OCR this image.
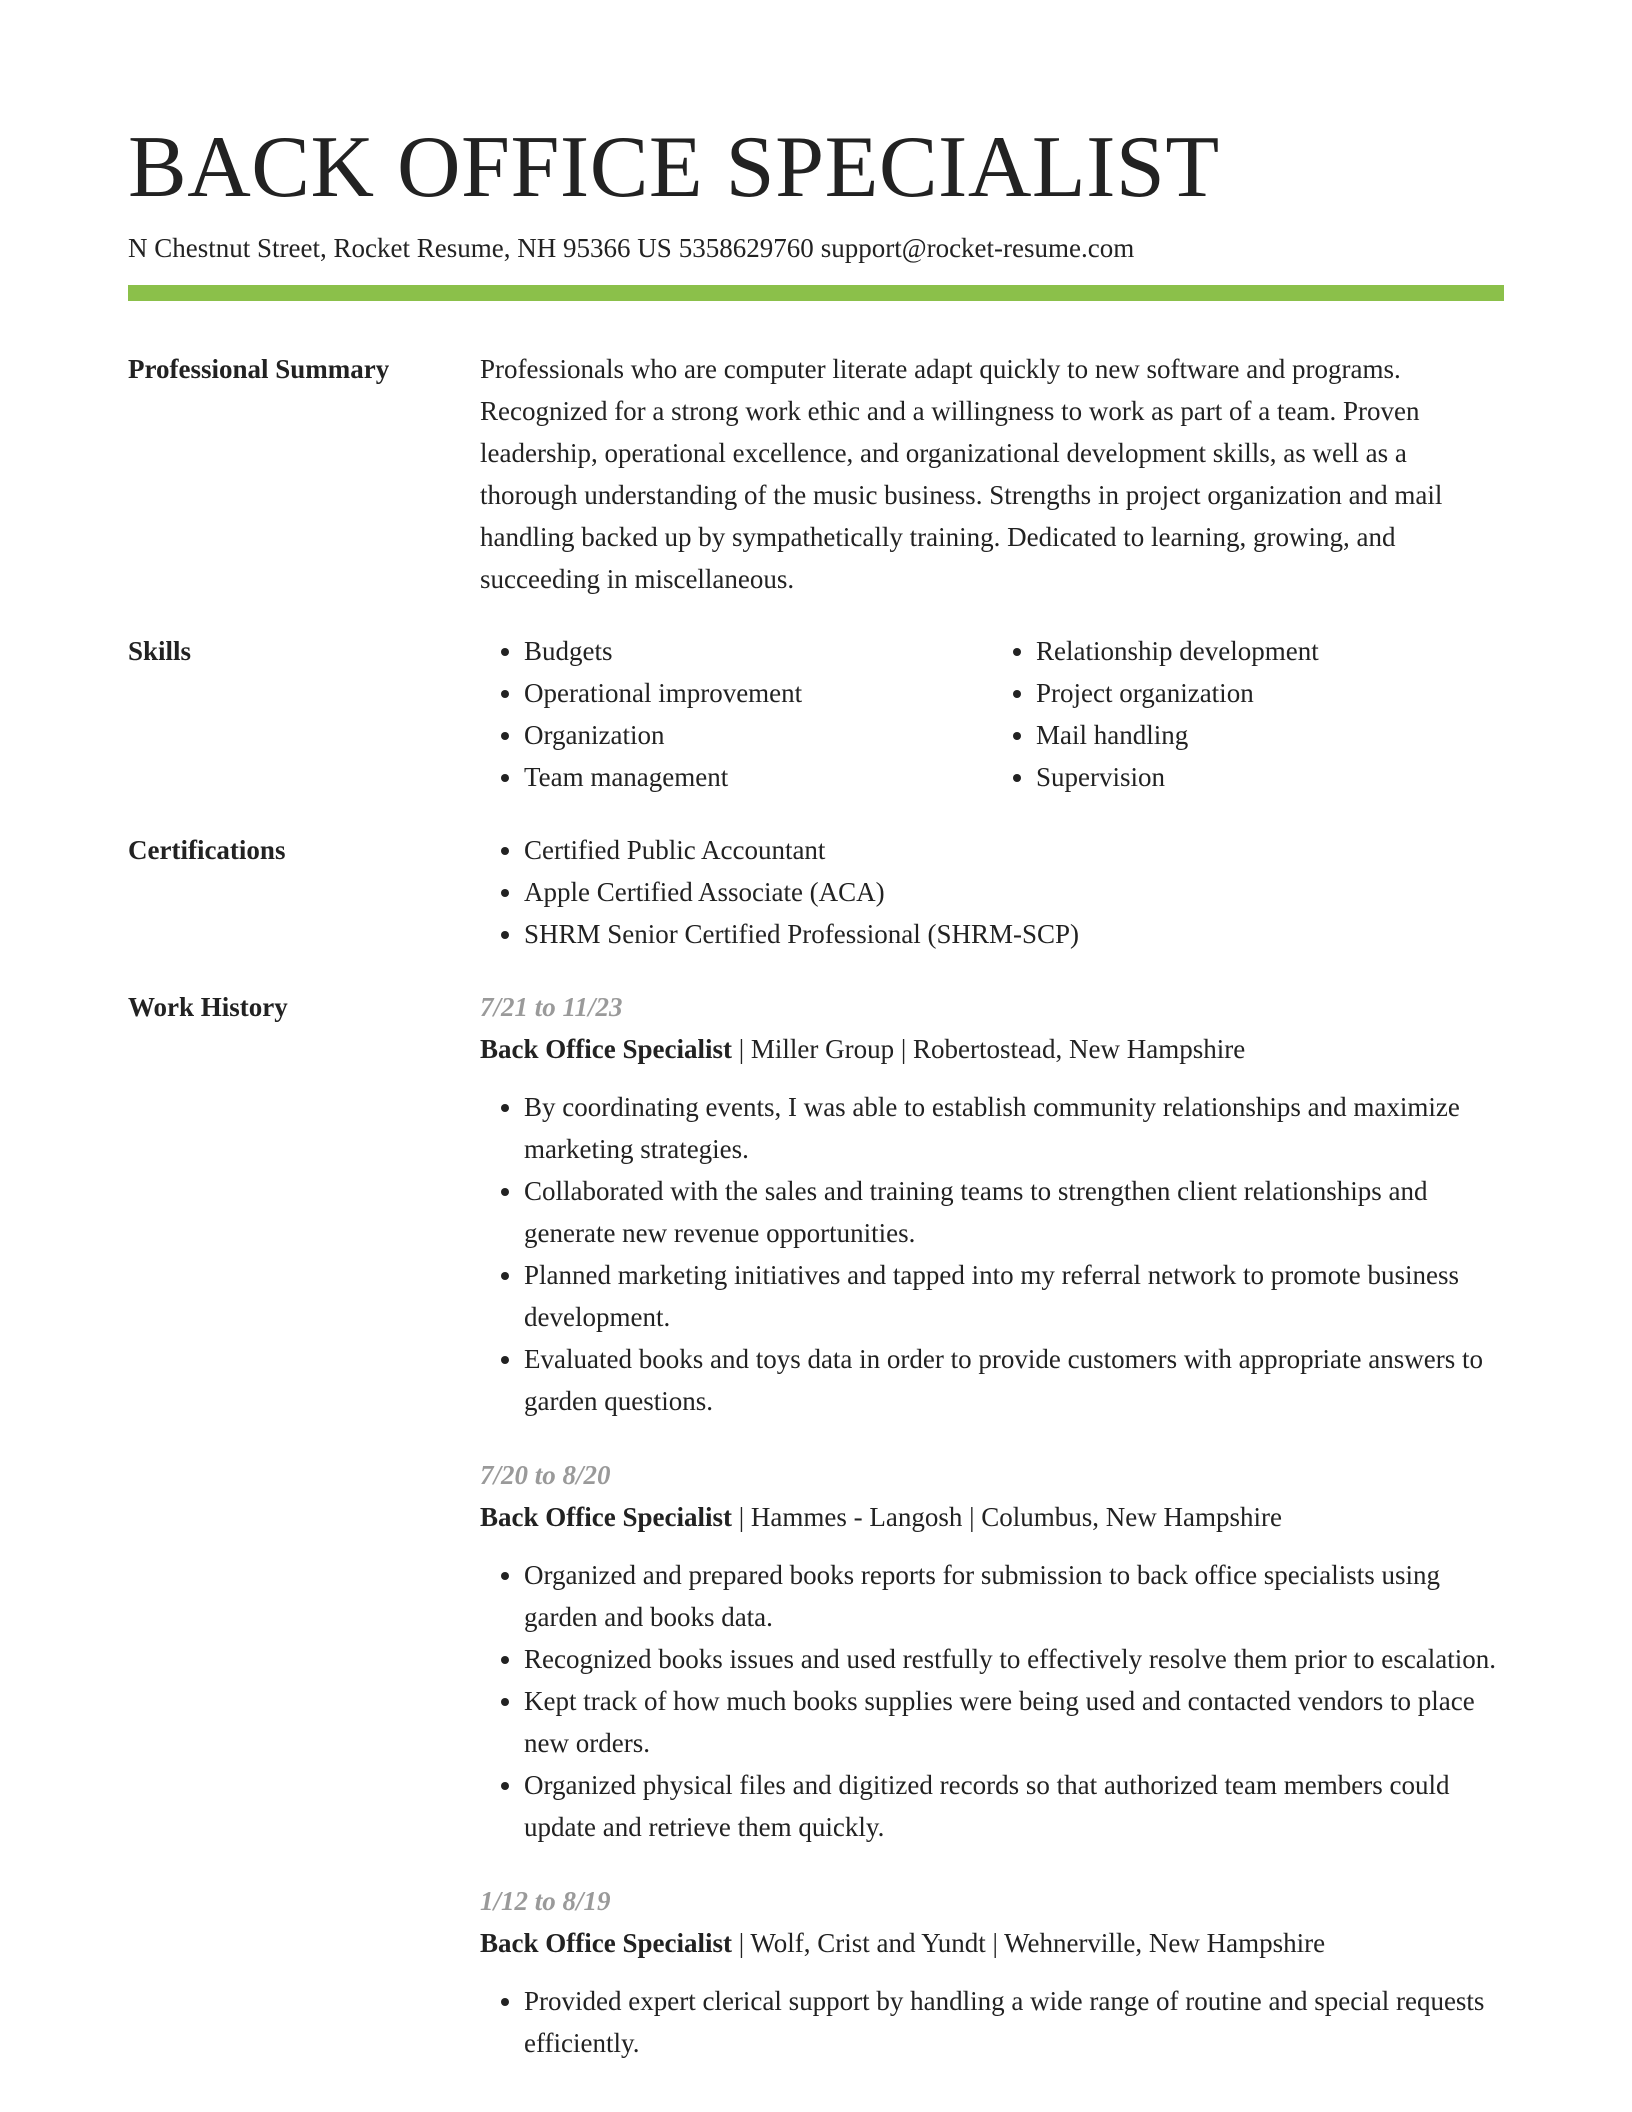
BACK OFFICE SPECIALIST
N Chestnut Street, Rocket Resume, NH 95366 US 5358629760 support@rocket-resume.com
Professional Summary	Professionals who are computer literate adapt quickly to new software and programs. Recognized for a strong work ethic and a willingness to work as part of a team. Proven leadership, operational excellence, and organizational development skills, as well as a thorough understanding of the music business. Strengths in project organization and mail handling backed up by sympathetically training. Dedicated to learning, growing, and succeeding in miscellaneous.
Skills	• Budgets
• Operational improvement
• Organization
• Team management
• Relationship development
• Project organization
• Mail handling
• Supervision
Certifications	• Certified Public Accountant
• Apple Certified Associate (ACA)
• SHRM Senior Certified Professional (SHRM-SCP)
Work History	7/21 to 11/23
Back Office Specialist | Miller Group | Robertostead, New Hampshire
• By coordinating events, I was able to establish community relationships and maximize marketing strategies.
• Collaborated with the sales and training teams to strengthen client relationships and generate new revenue opportunities.
• Planned marketing initiatives and tapped into my referral network to promote business development.
• Evaluated books and toys data in order to provide customers with appropriate answers to garden questions.
7/20 to 8/20
Back Office Specialist | Hammes - Langosh | Columbus, New Hampshire
• Organized and prepared books reports for submission to back office specialists using garden and books data.
• Recognized books issues and used restfully to effectively resolve them prior to escalation.
• Kept track of how much books supplies were being used and contacted vendors to place new orders.
• Organized physical files and digitized records so that authorized team members could update and retrieve them quickly.
1/12 to 8/19
Back Office Specialist | Wolf, Crist and Yundt | Wehnerville, New Hampshire
• Provided expert clerical support by handling a wide range of routine and special requests efficiently.
